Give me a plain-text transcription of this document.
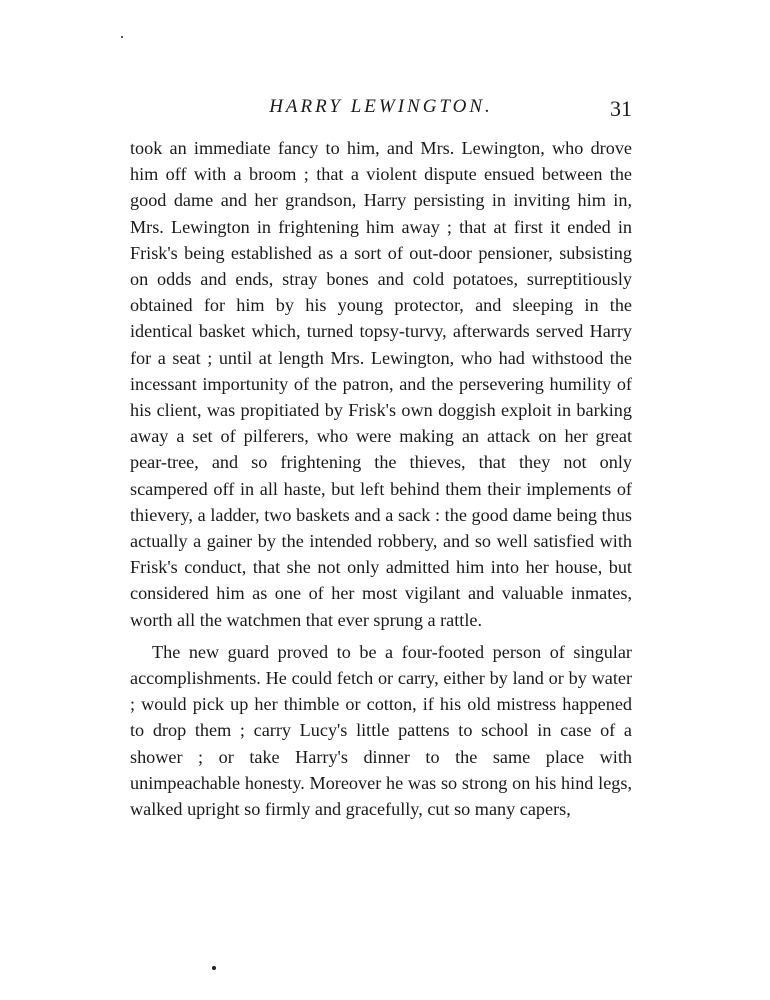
HARRY LEWINGTON.	31

took an immediate fancy to him, and Mrs. Lewington, who drove him off with a broom ; that a violent dispute ensued between the good dame and her grandson, Harry persisting in inviting him in, Mrs. Lewington in frightening him away ; that at first it ended in Frisk's being established as a sort of out-door pensioner, subsisting on odds and ends, stray bones and cold potatoes, surreptitiously obtained for him by his young protector, and sleeping in the identical basket which, turned topsy-turvy, afterwards served Harry for a seat ; until at length Mrs. Lewington, who had withstood the incessant importunity of the patron, and the persevering humility of his client, was propitiated by Frisk's own doggish exploit in barking away a set of pilferers, who were making an attack on her great pear-tree, and so frightening the thieves, that they not only scampered off in all haste, but left behind them their implements of thievery, a ladder, two baskets and a sack : the good dame being thus actually a gainer by the intended robbery, and so well satisfied with Frisk's conduct, that she not only admitted him into her house, but considered him as one of her most vigilant and valuable inmates, worth all the watchmen that ever sprung a rattle.

The new guard proved to be a four-footed person of singular accomplishments. He could fetch or carry, either by land or by water ; would pick up her thimble or cotton, if his old mistress happened to drop them ; carry Lucy's little pattens to school in case of a shower ; or take Harry's dinner to the same place with unimpeachable honesty. Moreover he was so strong on his hind legs, walked upright so firmly and gracefully, cut so many capers,
